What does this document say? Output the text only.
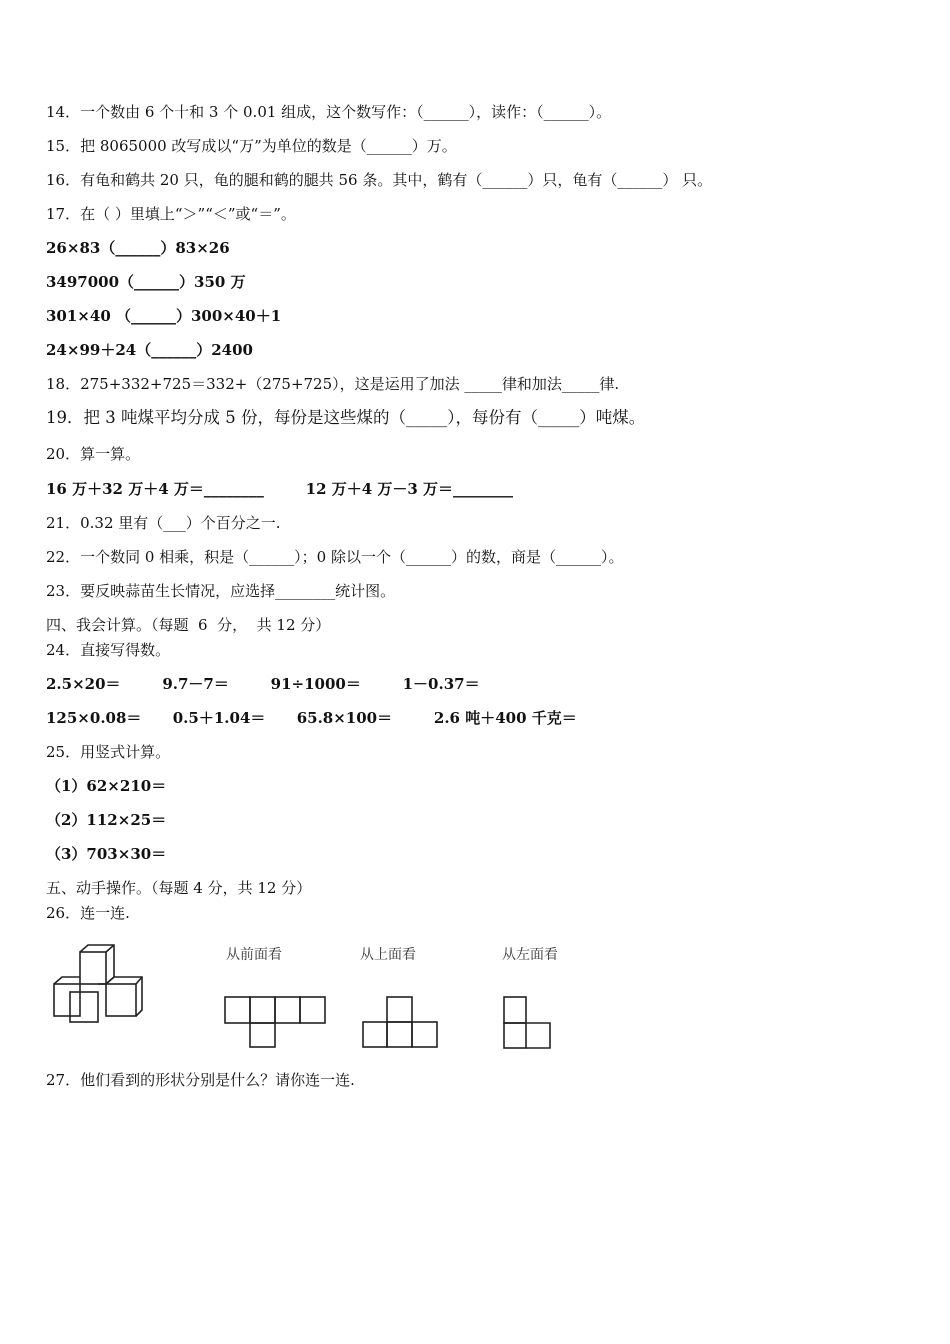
14．一个数由 6 个十和 3 个 0.01 组成，这个数写作：（______），读作：（______）。
15．把 8065000 改写成以“万”为单位的数是（______）万。
16．有龟和鹤共 20 只，龟的腿和鹤的腿共 56 条。其中，鹤有（______）只，龟有（______） 只。
17．在（ ）里填上“＞”“＜”或“＝”。
26×83（______）83×26
3497000（______）350 万
301×40 （______）300×40＋1
24×99＋24（______）2400
18．275+332+725＝332+（275+725），这是运用了加法 _____律和加法_____律.
19．把 3 吨煤平均分成 5 份，每份是这些煤的（_____），每份有（_____）吨煤。
20．算一算。
16 万＋32 万＋4 万＝________        12 万＋4 万－3 万＝________
21．0.32 里有（___）个百分之一.
22．一个数同 0 相乘，积是（______）；0 除以一个（______）的数，商是（______）。
23．要反映蒜苗生长情况，应选择________统计图。
四、我会计算。（每题  6  分，  共 12 分）
24．直接写得数。
2.5×20＝        9.7－7＝        91÷1000＝        1－0.37＝
125×0.08＝      0.5＋1.04＝      65.8×100＝        2.6 吨＋400 千克＝
25．用竖式计算。
（1）62×210＝
（2）112×25＝
（3）703×30＝
五、动手操作。（每题 4 分，共 12 分）
26．连一连.
27．他们看到的形状分别是什么？请你连一连.
从前面看	从上面看	从左面看
